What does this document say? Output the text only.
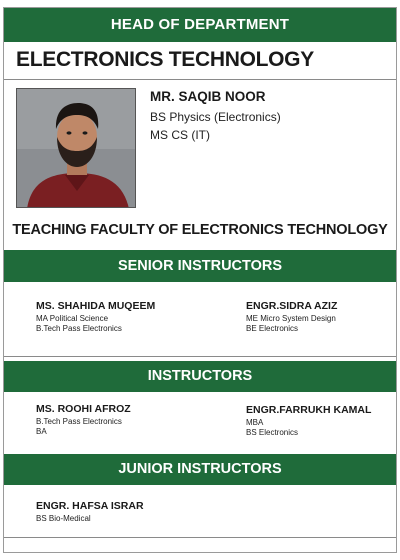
HEAD OF DEPARTMENT
ELECTRONICS TECHNOLOGY
MR. SAQIB NOOR
BS Physics (Electronics)
MS CS (IT)
TEACHING FACULTY OF ELECTRONICS TECHNOLOGY
SENIOR INSTRUCTORS
MS. SHAHIDA MUQEEM
MA Political Science
B.Tech Pass Electronics
ENGR.SIDRA AZIZ
ME Micro System Design
BE Electronics
INSTRUCTORS
MS. ROOHI AFROZ
B.Tech Pass Electronics
BA
ENGR.FARRUKH KAMAL
MBA
BS Electronics
JUNIOR INSTRUCTORS
ENGR. HAFSA ISRAR
BS Bio-Medical
